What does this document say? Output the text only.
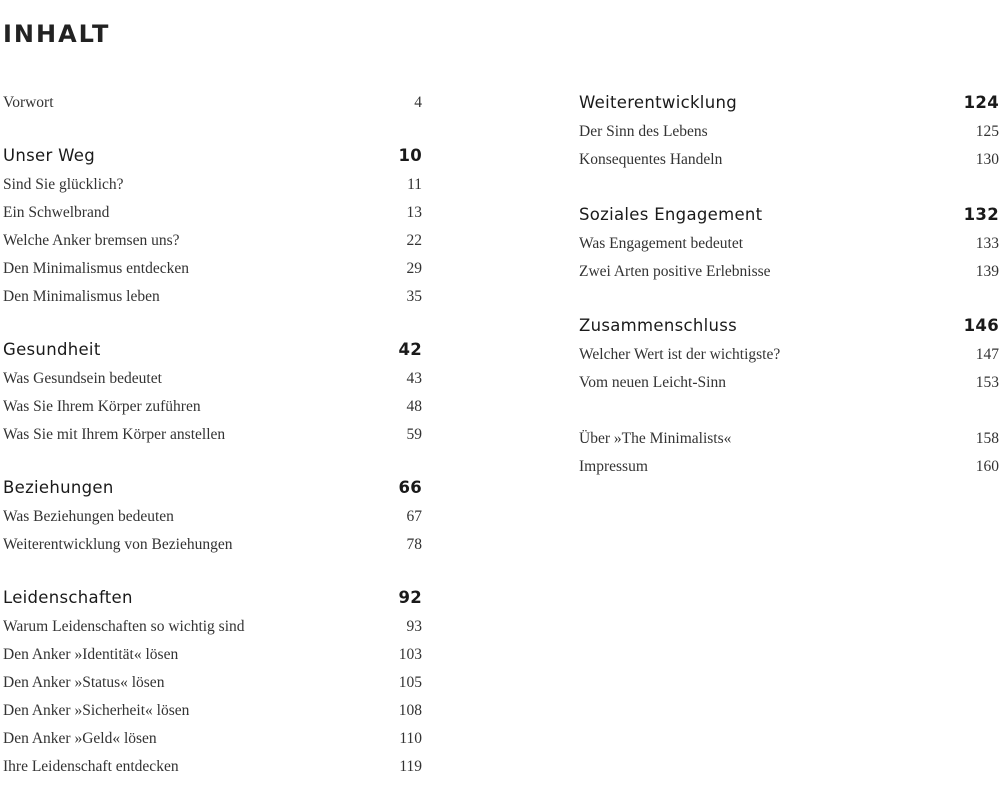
INHALT
Vorwort	4
Unser Weg	10
Sind Sie glücklich?	11
Ein Schwelbrand	13
Welche Anker bremsen uns?	22
Den Minimalismus entdecken	29
Den Minimalismus leben	35
Gesundheit	42
Was Gesundsein bedeutet	43
Was Sie Ihrem Körper zuführen	48
Was Sie mit Ihrem Körper anstellen	59
Beziehungen	66
Was Beziehungen bedeuten	67
Weiterentwicklung von Beziehungen	78
Leidenschaften	92
Warum Leidenschaften so wichtig sind	93
Den Anker »Identität« lösen	103
Den Anker »Status« lösen	105
Den Anker »Sicherheit« lösen	108
Den Anker »Geld« lösen	110
Ihre Leidenschaft entdecken	119
Weiterentwicklung	124
Der Sinn des Lebens	125
Konsequentes Handeln	130
Soziales Engagement	132
Was Engagement bedeutet	133
Zwei Arten positive Erlebnisse	139
Zusammenschluss	146
Welcher Wert ist der wichtigste?	147
Vom neuen Leicht-Sinn	153
Über »The Minimalists«	158
Impressum	160
